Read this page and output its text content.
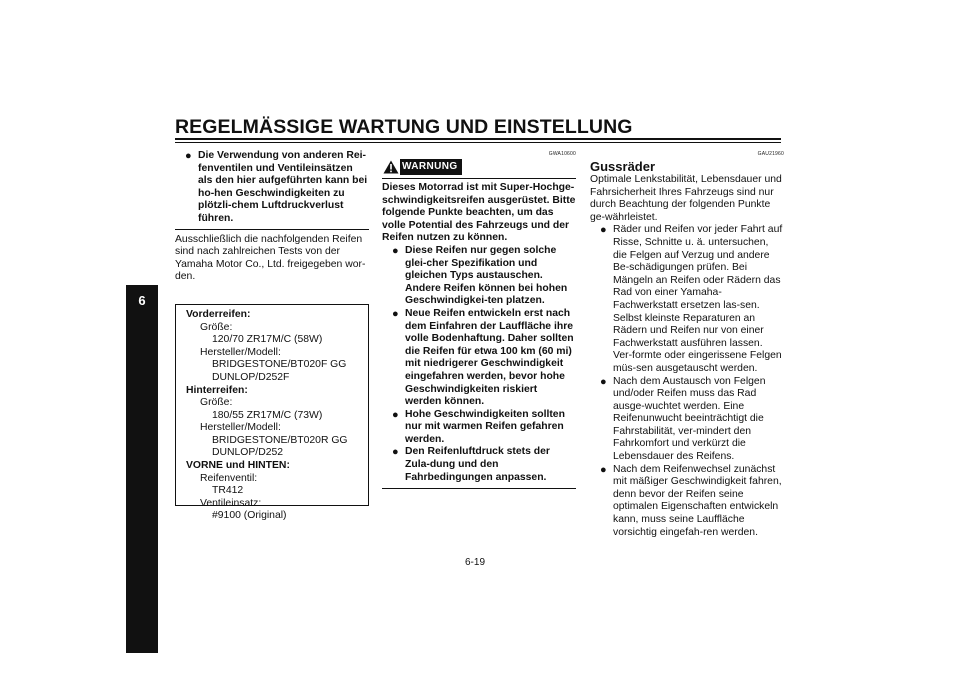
REGELMÄSSIGE WARTUNG UND EINSTELLUNG
6
● Die Verwendung von anderen Rei-fenventilen und Ventileinsätzen als den hier aufgeführten kann bei ho-hen Geschwindigkeiten zu plötzli-chem Luftdruckverlust führen.

Ausschließlich die nachfolgenden Reifen sind nach zahlreichen Tests von der Yamaha Motor Co., Ltd. freigegeben wor-den.

Vorderreifen:
Größe:
120/70 ZR17M/C (58W)
Hersteller/Modell:
BRIDGESTONE/BT020F GG
DUNLOP/D252F
Hinterreifen:
Größe:
180/55 ZR17M/C (73W)
Hersteller/Modell:
BRIDGESTONE/BT020R GG
DUNLOP/D252
VORNE und HINTEN:
Reifenventil:
TR412
Ventileinsatz:
#9100 (Original)
GWA10600
WARNUNG

Dieses Motorrad ist mit Super-Hochge-schwindigkeitsreifen ausgerüstet. Bitte folgende Punkte beachten, um das volle Potential des Fahrzeugs und der Reifen nutzen zu können.

● Diese Reifen nur gegen solche glei-cher Spezifikation und gleichen Typs austauschen. Andere Reifen können bei hohen Geschwindigkei-ten platzen.
● Neue Reifen entwickeln erst nach dem Einfahren der Lauffläche ihre volle Bodenhaftung. Daher sollten die Reifen für etwa 100 km (60 mi) mit niedrigerer Geschwindigkeit eingefahren werden, bevor hohe Geschwindigkeiten riskiert werden können.
● Hohe Geschwindigkeiten sollten nur mit warmen Reifen gefahren werden.
● Den Reifenluftdruck stets der Zula-dung und den Fahrbedingungen anpassen.
GAU21960
Gussräder

Optimale Lenkstabilität, Lebensdauer und Fahrsicherheit Ihres Fahrzeugs sind nur durch Beachtung der folgenden Punkte ge-währleistet.

● Räder und Reifen vor jeder Fahrt auf Risse, Schnitte u. ä. untersuchen, die Felgen auf Verzug und andere Be-schädigungen prüfen. Bei Mängeln an Reifen oder Rädern das Rad von einer Yamaha-Fachwerkstatt ersetzen las-sen. Selbst kleinste Reparaturen an Rädern und Reifen nur von einer Fachwerkstatt ausführen lassen. Ver-formte oder eingerissene Felgen müs-sen ausgetauscht werden.
● Nach dem Austausch von Felgen und/oder Reifen muss das Rad ausge-wuchtet werden. Eine Reifenunwucht beeinträchtigt die Fahrstabilität, ver-mindert den Fahrkomfort und verkürzt die Lebensdauer des Reifens.
● Nach dem Reifenwechsel zunächst mit mäßiger Geschwindigkeit fahren, denn bevor der Reifen seine optimalen Eigenschaften entwickeln kann, muss seine Lauffläche vorsichtig eingefah-ren werden.
6-19
